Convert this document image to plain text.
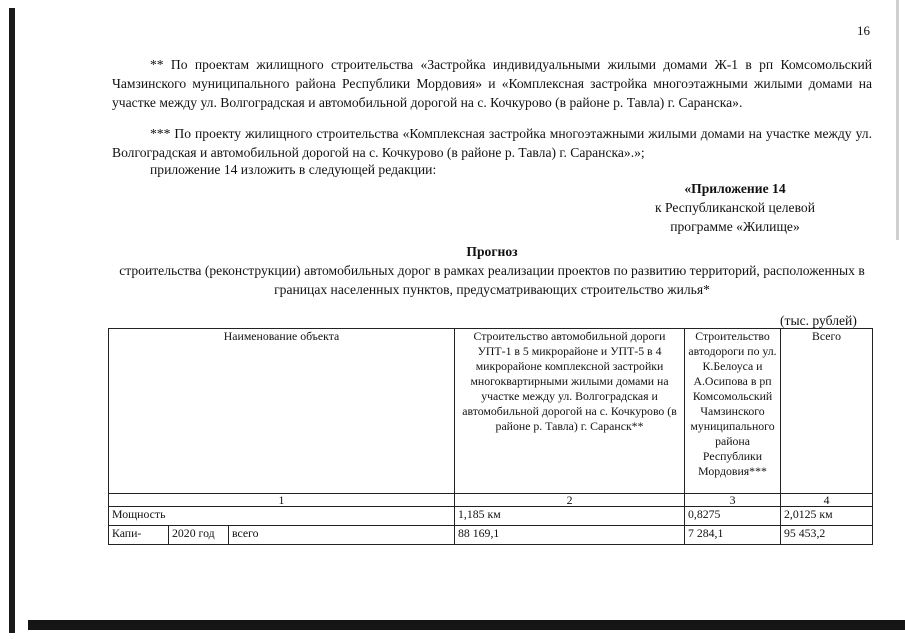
16
** По проектам жилищного строительства «Застройка индивидуальными жилыми домами Ж-1 в рп Комсомольский Чамзинского муниципального района Республики Мордовия» и «Комплексная застройка многоэтажными жилыми домами на участке между ул. Волгоградская и автомобильной дорогой на с. Кочкурово (в районе р. Тавла) г. Саранска».
*** По проекту жилищного строительства «Комплексная застройка многоэтажными жилыми домами на участке между ул. Волгоградская и автомобильной дорогой на с. Кочкурово (в районе р. Тавла) г. Саранска».»;
приложение 14 изложить в следующей редакции:
«Приложение 14
к Республиканской целевой
программе «Жилище»
Прогноз
строительства (реконструкции) автомобильных дорог в рамках реализации проектов по развитию территорий, расположенных в границах населенных пунктов, предусматривающих строительство жилья*
(тыс. рублей)
Наименование объекта			Строительство автомобильной дороги УПТ-1 в 5 микрорайоне и УПТ-5 в 4 микрорайоне комплексной застройки многоквартирными жилыми домами на участке между ул. Волгоградская и автомобильной дорогой на с. Кочкурово (в районе р. Тавла) г. Саранск**	Строительство автодороги по ул. К.Белоуса и А.Осипова в рп Комсомольский Чамзинского муниципального района Республики Мордовия***	Всего
1			2	3	4
Мощность			1,185 км	0,8275	2,0125 км
Капи-	2020 год	всего	88 169,1	7 284,1	95 453,2
